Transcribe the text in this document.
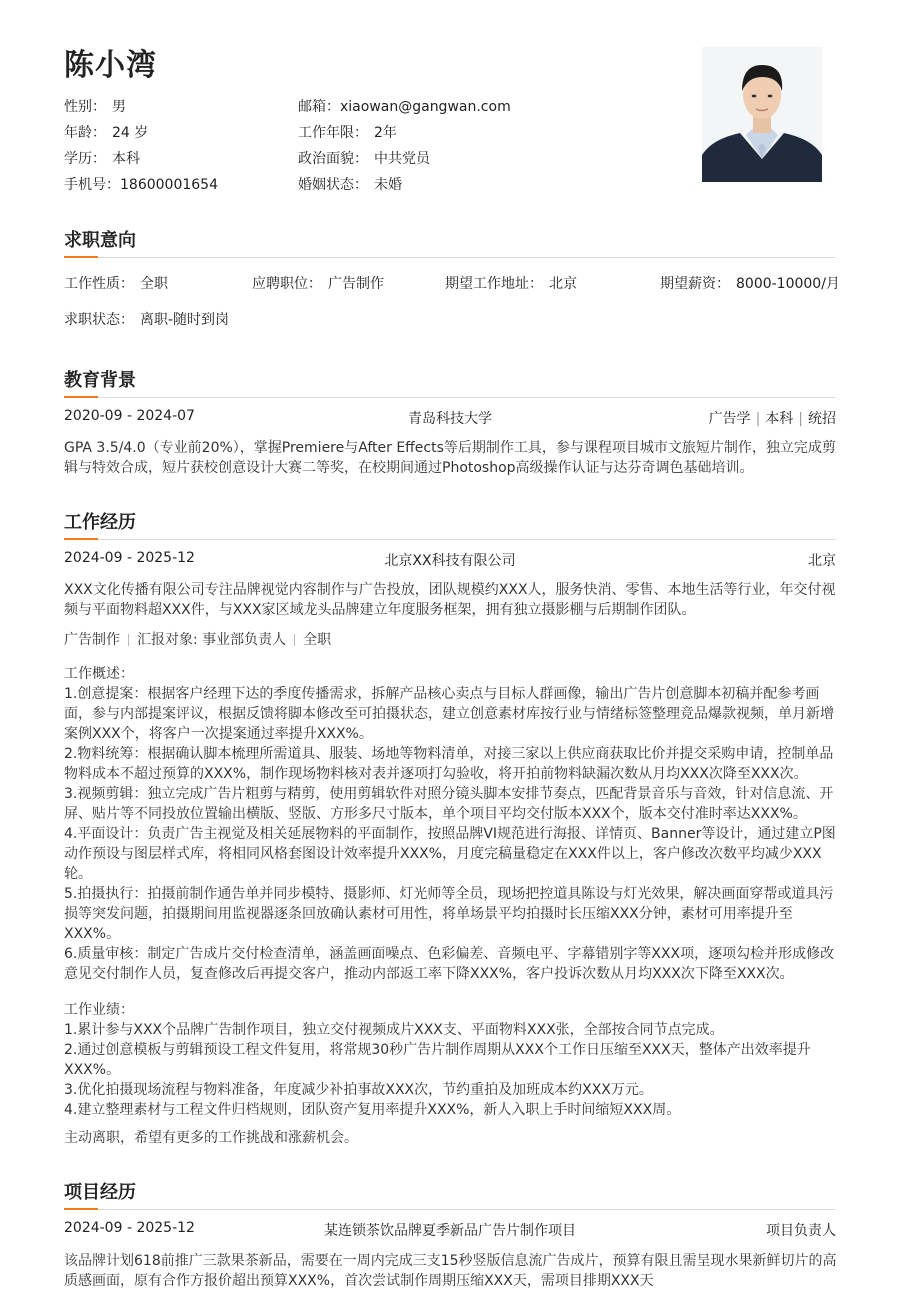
陈小湾
性别： 男	邮箱：xiaowan@gangwan.com
年龄： 24 岁	工作年限： 2年
学历： 本科	政治面貌： 中共党员
手机号：18600001654	婚姻状态： 未婚
求职意向
工作性质： 全职	应聘职位： 广告制作	期望工作地址： 北京	期望薪资： 8000-10000/月
求职状态： 离职-随时到岗
教育背景
2020-09 - 2024-07	青岛科技大学	广告学 | 本科 | 统招
GPA 3.5/4.0（专业前20%），掌握Premiere与After Effects等后期制作工具，参与课程项目城市文旅短片制作，独立完成剪
辑与特效合成，短片获校创意设计大赛二等奖，在校期间通过Photoshop高级操作认证与达芬奇调色基础培训。
工作经历
2024-09 - 2025-12	北京XX科技有限公司	北京
XXX文化传播有限公司专注品牌视觉内容制作与广告投放，团队规模约XXX人，服务快消、零售、本地生活等行业，年交付视
频与平面物料超XXX件，与XXX家区域龙头品牌建立年度服务框架，拥有独立摄影棚与后期制作团队。
广告制作 汇报对象: 事业部负责人 全职
工作概述：
1.创意提案：根据客户经理下达的季度传播需求，拆解产品核心卖点与目标人群画像，输出广告片创意脚本初稿并配参考画
面，参与内部提案评议，根据反馈将脚本修改至可拍摄状态，建立创意素材库按行业与情绪标签整理竞品爆款视频，单月新增
案例XXX个，将客户一次提案通过率提升XXX%。
2.物料统筹：根据确认脚本梳理所需道具、服装、场地等物料清单，对接三家以上供应商获取比价并提交采购申请，控制单品
物料成本不超过预算的XXX%，制作现场物料核对表并逐项打勾验收，将开拍前物料缺漏次数从月均XXX次降至XXX次。
3.视频剪辑：独立完成广告片粗剪与精剪，使用剪辑软件对照分镜头脚本安排节奏点，匹配背景音乐与音效，针对信息流、开
屏、贴片等不同投放位置输出横版、竖版、方形多尺寸版本，单个项目平均交付版本XXX个，版本交付准时率达XXX%。
4.平面设计：负责广告主视觉及相关延展物料的平面制作，按照品牌VI规范进行海报、详情页、Banner等设计，通过建立P图
动作预设与图层样式库，将相同风格套图设计效率提升XXX%，月度完稿量稳定在XXX件以上，客户修改次数平均减少XXX
轮。
5.拍摄执行：拍摄前制作通告单并同步模特、摄影师、灯光师等全员，现场把控道具陈设与灯光效果，解决画面穿帮或道具污
损等突发问题，拍摄期间用监视器逐条回放确认素材可用性，将单场景平均拍摄时长压缩XXX分钟，素材可用率提升至
XXX%。
6.质量审核：制定广告成片交付检查清单，涵盖画面噪点、色彩偏差、音频电平、字幕错别字等XXX项，逐项勾检并形成修改
意见交付制作人员，复查修改后再提交客户，推动内部返工率下降XXX%，客户投诉次数从月均XXX次下降至XXX次。
工作业绩：
1.累计参与XXX个品牌广告制作项目，独立交付视频成片XXX支、平面物料XXX张，全部按合同节点完成。
2.通过创意模板与剪辑预设工程文件复用，将常规30秒广告片制作周期从XXX个工作日压缩至XXX天，整体产出效率提升
XXX%。
3.优化拍摄现场流程与物料准备，年度减少补拍事故XXX次，节约重拍及加班成本约XXX万元。
4.建立整理素材与工程文件归档规则，团队资产复用率提升XXX%，新人入职上手时间缩短XXX周。
主动离职，希望有更多的工作挑战和涨薪机会。
项目经历
2024-09 - 2025-12	某连锁茶饮品牌夏季新品广告片制作项目	项目负责人
该品牌计划618前推广三款果茶新品，需要在一周内完成三支15秒竖版信息流广告成片，预算有限且需呈现水果新鲜切片的高
质感画面，原有合作方报价超出预算XXX%，首次尝试制作周期压缩XXX天，需项目排期XXX天
